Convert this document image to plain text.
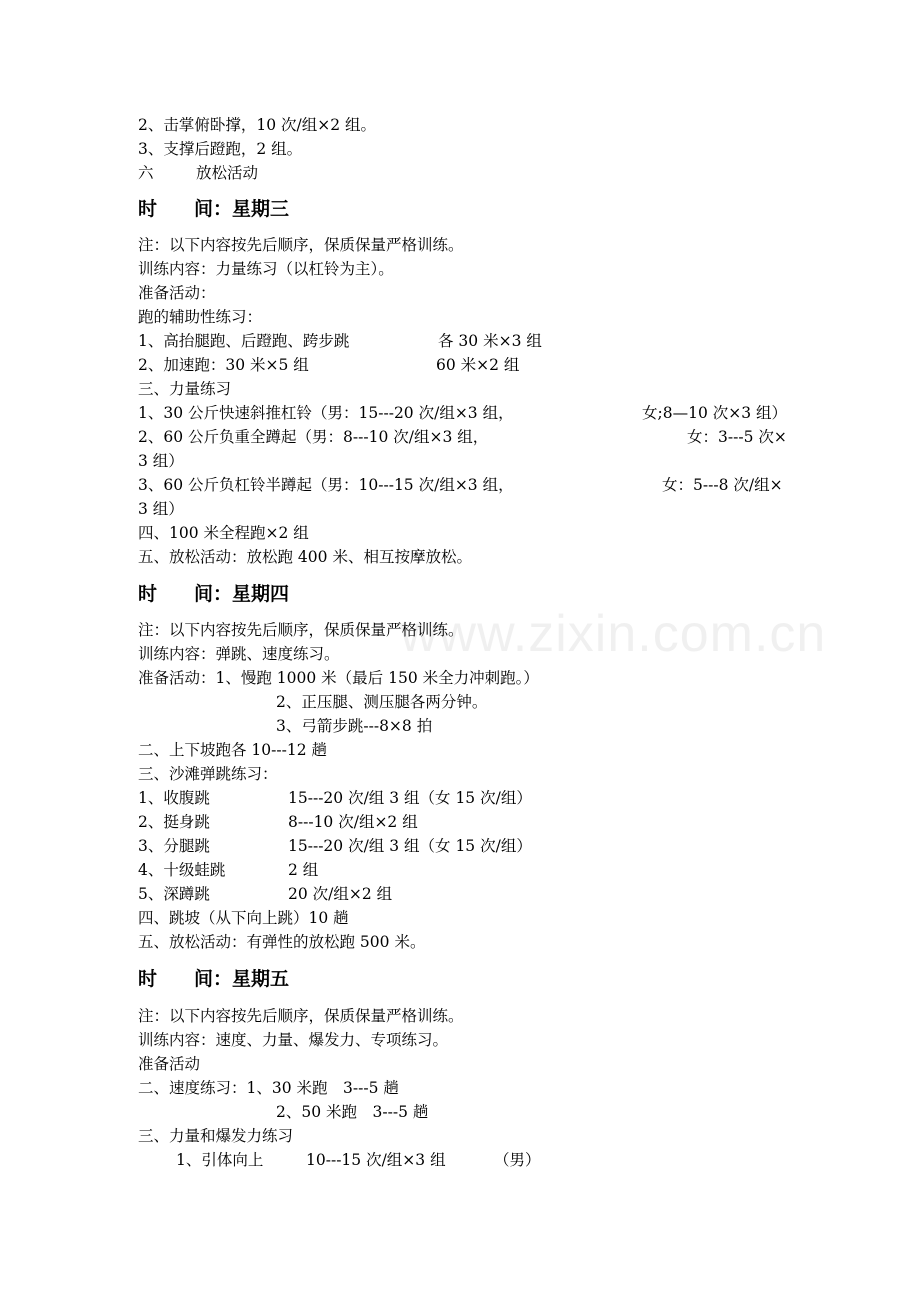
www.zixin.com.cn

2、击掌俯卧撑，10 次/组×2 组。

3、支撑后蹬跑，2 组。

六	放松活动

时 间：星期三

注：以下内容按先后顺序，保质保量严格训练。

训练内容：力量练习（以杠铃为主）。

准备活动：

跑的辅助性练习：

1、高抬腿跑、后蹬跑、跨步跳	各 30 米×3 组

2、加速跑：30 米×5 组	60 米×2 组

三、力量练习

1、30 公斤快速斜推杠铃（男：15---20 次/组×3 组，	女;8—10 次×3 组）

2、60 公斤负重全蹲起（男：8---10 次/组×3 组，	女：3---5 次×

3 组）

3、60 公斤负杠铃半蹲起（男：10---15 次/组×3 组，	女：5---8 次/组×

3 组）

四、100 米全程跑×2 组

五、放松活动：放松跑 400 米、相互按摩放松。

时 间：星期四

注：以下内容按先后顺序，保质保量严格训练。

训练内容：弹跳、速度练习。

准备活动：1、慢跑 1000 米（最后 150 米全力冲刺跑。）

2、正压腿、测压腿各两分钟。

3、弓箭步跳---8×8 拍

二、上下坡跑各 10---12 趟

三、沙滩弹跳练习：

1、收腹跳	15---20 次/组 3 组（女 15 次/组）

2、挺身跳	8---10 次/组×2 组

3、分腿跳	15---20 次/组 3 组（女 15 次/组）

4、十级蛙跳	2 组

5、深蹲跳	20 次/组×2 组

四、跳坡（从下向上跳）10 趟

五、放松活动：有弹性的放松跑 500 米。

时 间：星期五

注：以下内容按先后顺序，保质保量严格训练。

训练内容：速度、力量、爆发力、专项练习。

准备活动

二、速度练习：1、30 米跑　3---5 趟

2、50 米跑　3---5 趟

三、力量和爆发力练习

1、引体向上	10---15 次/组×3 组	（男）
